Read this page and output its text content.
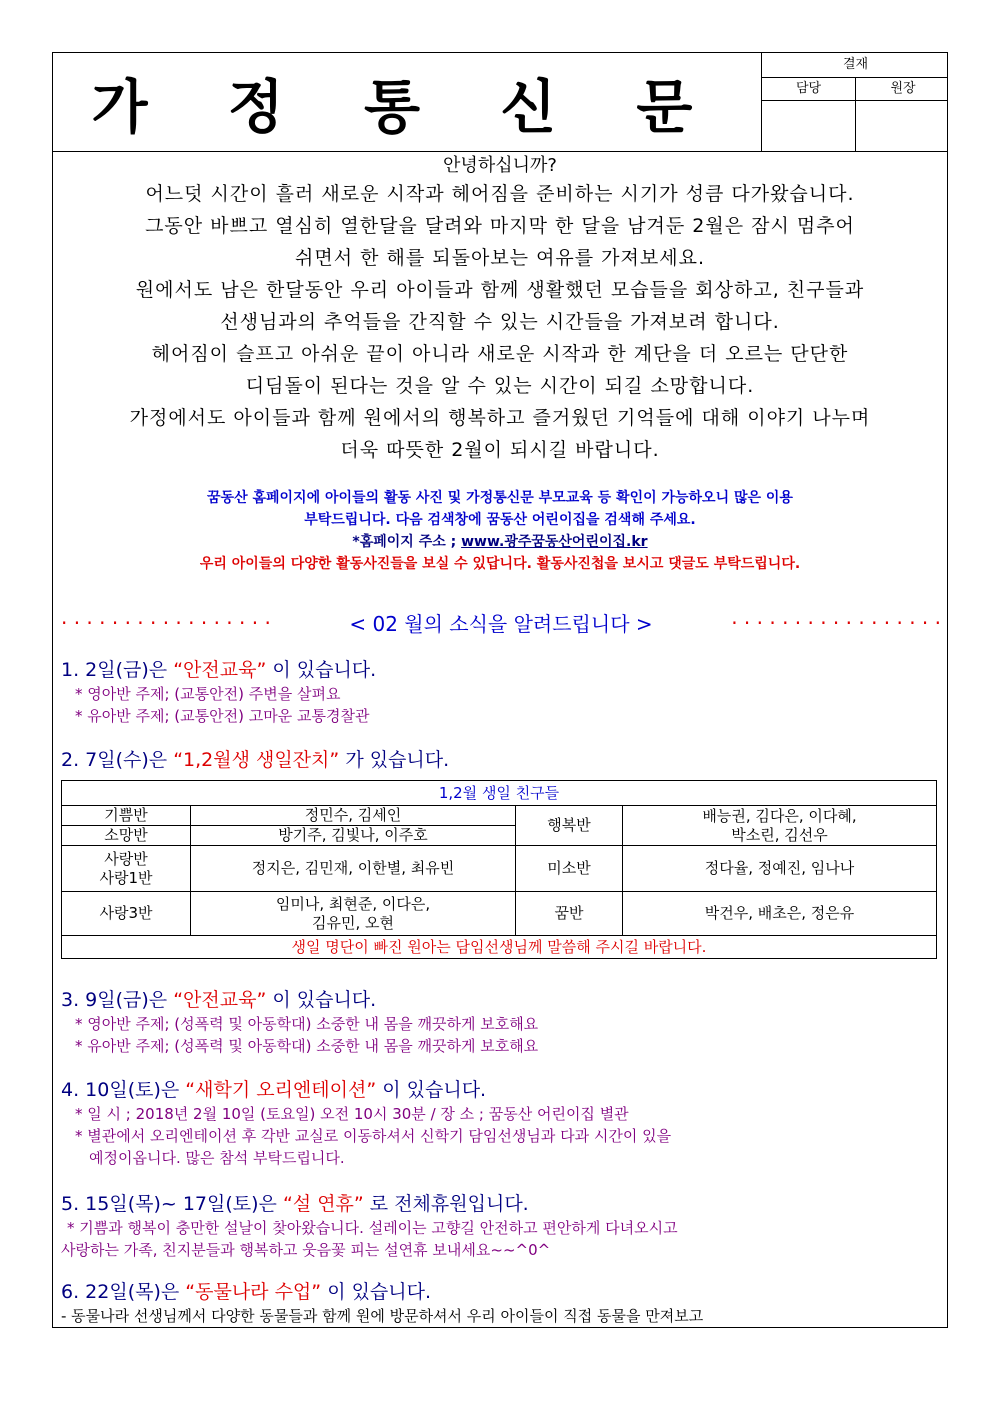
가 정 통 신 문
결재
담당	원장
안녕하십니까?
어느덧 시간이 흘러 새로운 시작과 헤어짐을 준비하는 시기가 성큼 다가왔습니다.
그동안 바쁘고 열심히 열한달을 달려와 마지막 한 달을 남겨둔 2월은 잠시 멈추어
쉬면서 한 해를 되돌아보는 여유를 가져보세요.
원에서도 남은 한달동안 우리 아이들과 함께 생활했던 모습들을 회상하고, 친구들과
선생님과의 추억들을 간직할 수 있는 시간들을 가져보려 합니다.
헤어짐이 슬프고 아쉬운 끝이 아니라 새로운 시작과 한 계단을 더 오르는 단단한
디딤돌이 된다는 것을 알 수 있는 시간이 되길 소망합니다.
가정에서도 아이들과 함께 원에서의 행복하고 즐거웠던 기억들에 대해 이야기 나누며
더욱 따뜻한 2월이 되시길 바랍니다.
꿈동산 홈페이지에 아이들의 활동 사진 및 가정통신문 부모교육 등 확인이 가능하오니 많은 이용
부탁드립니다. 다음 검색창에 꿈동산 어린이집을 검색해 주세요.
*홈페이지 주소 ; www.광주꿈동산어린이집.kr
우리 아이들의 다양한 활동사진들을 보실 수 있답니다. 활동사진첩을 보시고 댓글도 부탁드립니다.
· · · · · · · · · · · · · · · · ·	< 02 월의 소식을 알려드립니다 >	· · · · · · · · · · · · · · · · ·
1. 2일(금)은 “안전교육” 이 있습니다.
* 영아반 주제; (교통안전) 주변을 살펴요
* 유아반 주제; (교통안전) 고마운 교통경찰관
2. 7일(수)은 “1,2월생 생일잔치” 가 있습니다.
1,2월 생일 친구들			
기쁨반	정민수, 김세인	행복반	배능권, 김다은, 이다혜,
박소린, 김선우

소망반	방기주, 김빛나, 이주호		

사랑반
사랑1반	정지은, 김민재, 이한별, 최유빈	미소반	정다율, 정예진, 임나나
사랑3반	임미나, 최현준, 이다은,
김유민, 오현	꿈반	박건우, 배초은, 정은유
생일 명단이 빠진 원아는 담임선생님께 말씀해 주시길 바랍니다.			
3. 9일(금)은 “안전교육” 이 있습니다.
* 영아반 주제; (성폭력 및 아동학대) 소중한 내 몸을 깨끗하게 보호해요
* 유아반 주제; (성폭력 및 아동학대) 소중한 내 몸을 깨끗하게 보호해요
4. 10일(토)은 “새학기 오리엔테이션” 이 있습니다.
* 일 시 ; 2018년 2월 10일 (토요일) 오전 10시 30분 / 장 소 ; 꿈동산 어린이집 별관
* 별관에서 오리엔테이션 후 각반 교실로 이동하셔서 신학기 담임선생님과 다과 시간이 있을
예정이옵니다. 많은 참석 부탁드립니다.
5. 15일(목)~ 17일(토)은 “설 연휴” 로 전체휴원입니다.
* 기쁨과 행복이 충만한 설날이 찾아왔습니다. 설레이는 고향길 안전하고 편안하게 다녀오시고
사랑하는 가족, 친지분들과 행복하고 웃음꽃 피는 설연휴 보내세요~~^0^
6. 22일(목)은 “동물나라 수업” 이 있습니다.
- 동물나라 선생님께서 다양한 동물들과 함께 원에 방문하셔서 우리 아이들이 직접 동물을 만져보고
